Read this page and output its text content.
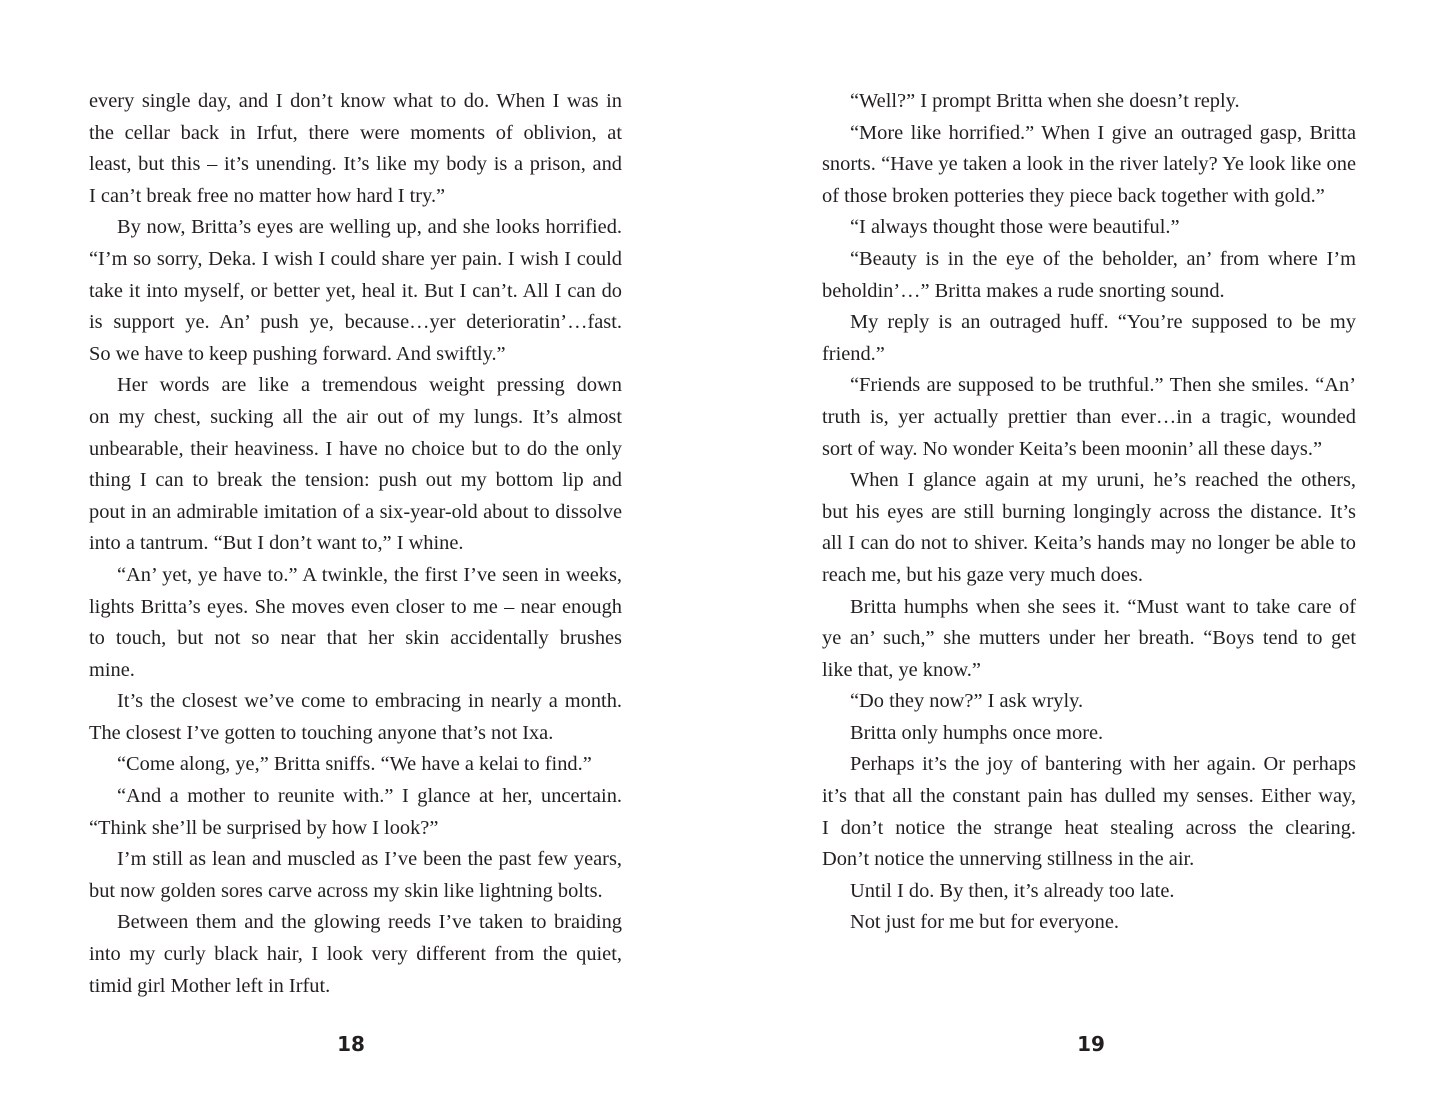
every single day, and I don’t know what to do. When I was in
the cellar back in Irfut, there were moments of oblivion, at
least, but this – it’s unending. It’s like my body is a prison, and
I can’t break free no matter how hard I try.”

By now, Britta’s eyes are welling up, and she looks horrified.
“I’m so sorry, Deka. I wish I could share yer pain. I wish I could
take it into myself, or better yet, heal it. But I can’t. All I can do
is support ye. An’ push ye, because…yer deterioratin’…fast.
So we have to keep pushing forward. And swiftly.”

Her words are like a tremendous weight pressing down
on my chest, sucking all the air out of my lungs. It’s almost
unbearable, their heaviness. I have no choice but to do the only
thing I can to break the tension: push out my bottom lip and
pout in an admirable imitation of a six-year-old about to dissolve
into a tantrum. “But I don’t want to,” I whine.

“An’ yet, ye have to.” A twinkle, the first I’ve seen in weeks,
lights Britta’s eyes. She moves even closer to me – near enough
to touch, but not so near that her skin accidentally brushes
mine.

It’s the closest we’ve come to embracing in nearly a month.
The closest I’ve gotten to touching anyone that’s not Ixa.

“Come along, ye,” Britta sniffs. “We have a kelai to find.”

“And a mother to reunite with.” I glance at her, uncertain.
“Think she’ll be surprised by how I look?”

I’m still as lean and muscled as I’ve been the past few years,
but now golden sores carve across my skin like lightning bolts.

Between them and the glowing reeds I’ve taken to braiding
into my curly black hair, I look very different from the quiet,
timid girl Mother left in Irfut.

18

“Well?” I prompt Britta when she doesn’t reply.

“More like horrified.” When I give an outraged gasp, Britta
snorts. “Have ye taken a look in the river lately? Ye look like one
of those broken potteries they piece back together with gold.”

“I always thought those were beautiful.”

“Beauty is in the eye of the beholder, an’ from where I’m
beholdin’…” Britta makes a rude snorting sound.

My reply is an outraged huff. “You’re supposed to be my
friend.”

“Friends are supposed to be truthful.” Then she smiles. “An’
truth is, yer actually prettier than ever…in a tragic, wounded
sort of way. No wonder Keita’s been moonin’ all these days.”

When I glance again at my uruni, he’s reached the others,
but his eyes are still burning longingly across the distance. It’s
all I can do not to shiver. Keita’s hands may no longer be able to
reach me, but his gaze very much does.

Britta humphs when she sees it. “Must want to take care of
ye an’ such,” she mutters under her breath. “Boys tend to get
like that, ye know.”

“Do they now?” I ask wryly.

Britta only humphs once more.

Perhaps it’s the joy of bantering with her again. Or perhaps
it’s that all the constant pain has dulled my senses. Either way,
I don’t notice the strange heat stealing across the clearing.
Don’t notice the unnerving stillness in the air.

Until I do. By then, it’s already too late.

Not just for me but for everyone.

19
